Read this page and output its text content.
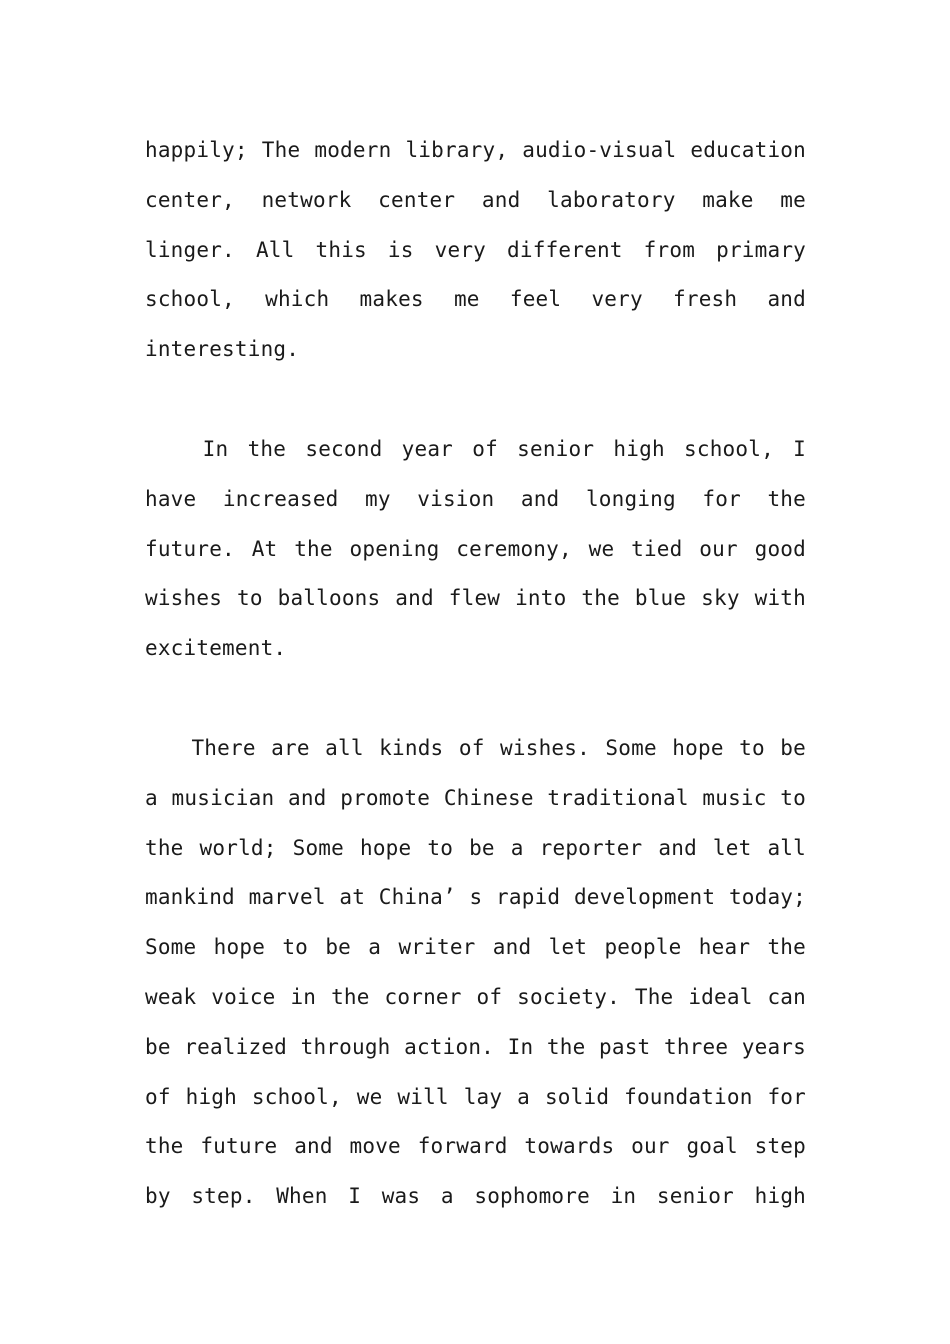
happily; The modern library, audio-visual education
center, network center and laboratory make me
linger. All this is very different from primary
school, which makes me feel very fresh and
interesting.
In the second year of senior high school, I
have increased my vision and longing for the
future. At the opening ceremony, we tied our good
wishes to balloons and flew into the blue sky with
excitement.
There are all kinds of wishes. Some hope to be
a musician and promote Chinese traditional music to
the world; Some hope to be a reporter and let all
mankind marvel at China’ s rapid development today;
Some hope to be a writer and let people hear the
weak voice in the corner of society. The ideal can
be realized through action. In the past three years
of high school, we will lay a solid foundation for
the future and move forward towards our goal step
by step. When I was a sophomore in senior high
